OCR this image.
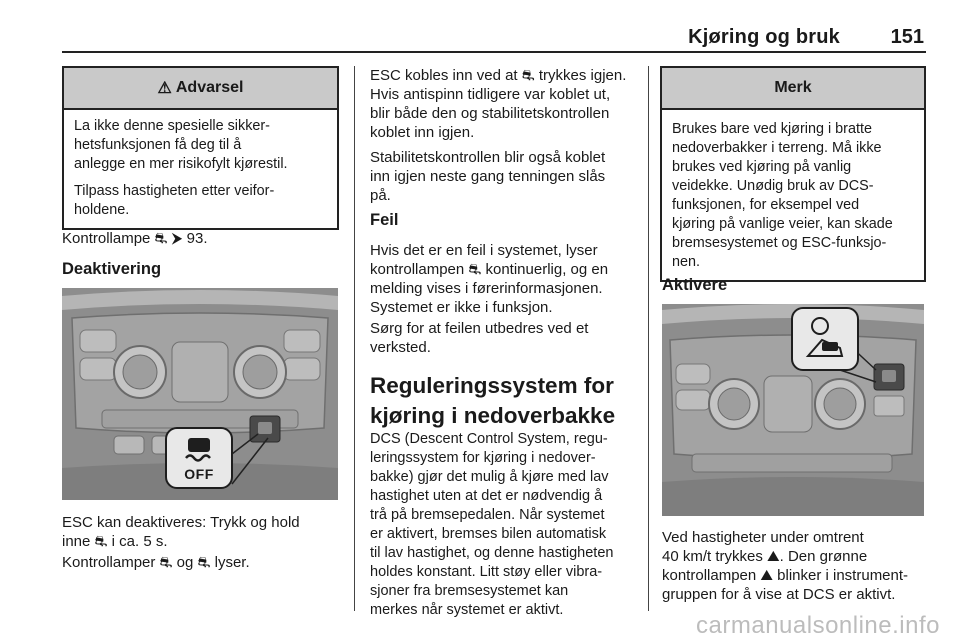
Kjøring og bruk	151
⚠ Advarsel

La ikke denne spesielle sikker-
hetsfunksjonen få deg til å
anlegge en mer risikofylt kjørestil.

Tilpass hastigheten etter veifor-
holdene.

Kontrollampe ⛐ ⮞ 93.
Deaktivering
OFF
ESC kan deaktiveres: Trykk og hold
inne ⛐ i ca. 5 s.
Kontrollamper ⛐ og ⛐ lyser.
ESC kobles inn ved at ⛐ trykkes igjen.
Hvis antispinn tidligere var koblet ut,
blir både den og stabilitetskontrollen
koblet inn igjen.
Stabilitetskontrollen blir også koblet
inn igjen neste gang tenningen slås
på.
Feil
Hvis det er en feil i systemet, lyser
kontrollampen ⛐ kontinuerlig, og en
melding vises i førerinformasjonen.
Systemet er ikke i funksjon.
Sørg for at feilen utbedres ved et
verksted.
Reguleringssystem for
kjøring i nedoverbakke
DCS (Descent Control System, regu-
leringssystem for kjøring i nedover-
bakke) gjør det mulig å kjøre med lav
hastighet uten at det er nødvendig å
trå på bremsepedalen. Når systemet
er aktivert, bremses bilen automatisk
til lav hastighet, og denne hastigheten
holdes konstant. Litt støy eller vibra-
sjoner fra bremsesystemet kan
merkes når systemet er aktivt.
Merk

Brukes bare ved kjøring i bratte
nedoverbakker i terreng. Må ikke
brukes ved kjøring på vanlig
veidekke. Unødig bruk av DCS-
funksjonen, for eksempel ved
kjøring på vanlige veier, kan skade
bremsesystemet og ESC-funksjo-
nen.

Aktivere
Ved hastigheter under omtrent
40 km/t trykkes ⛰. Den grønne
kontrollampen ⛰ blinker i instrument-
gruppen for å vise at DCS er aktivt.
carmanualsonline.info
